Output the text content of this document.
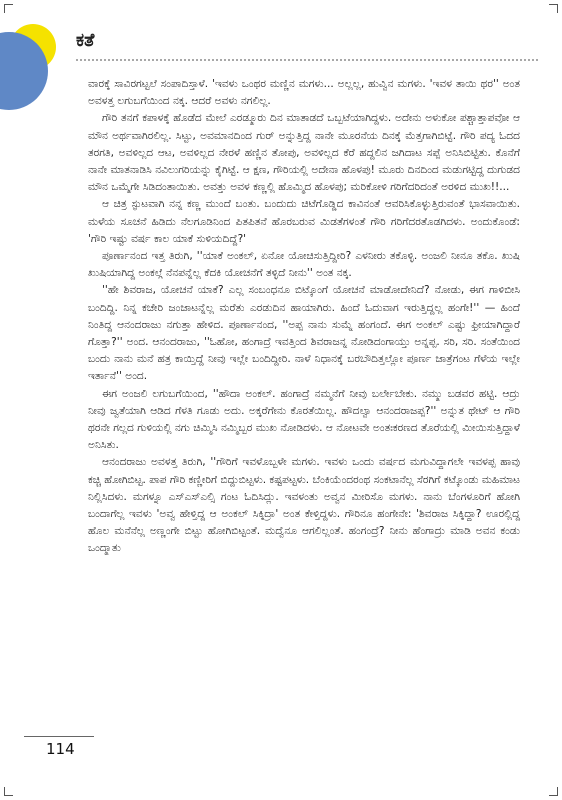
ಕತೆ

ವಾರಕ್ಕೆ ಸಾವಿರಗಟ್ಟಲೆ ಸಂಪಾದಿಸ್ತಾಳೆ. 'ಇವಳು ಒಂಥರ ಮಣ್ಣಿನ ಮಗಳು... ಅಲ್ಲಲ್ಲ, ಹುವ್ವಿನ ಮಗಳು. 'ಇವಳ ತಾಯಿ ಥರ'' ಅಂತ ಅವಳತ್ತ ಲಗುಬಗೆಯಿಂದ ನಕ್ಕ. ಆದರೆ ಅವಳು ನಗಲಿಲ್ಲ.

ಗೌರಿ ತನಗೆ ಕಪಾಳಕ್ಕೆ ಹೊಡೆದ ಮೇಲೆ ಎರಡ್ಮೂರು ದಿನ ಮಾತಾಡದೆ ಒಬ್ಬಟೆಯಾಗಿದ್ದಳು. ಅದೇನು ಅಳುಕೋ ಪಶ್ಚಾತ್ತಾಪವೋ ಆ ಮೌನ ಅರ್ಥವಾಗಿರಲಿಲ್ಲ. ಸಿಟ್ಟು, ಅವಮಾನದಿಂದ ಗುರ್ ಅನ್ನುತ್ತಿದ್ದ ನಾನೇ ಮೂರನೆಯ ದಿನಕ್ಕೆ ಮೆತ್ತಗಾಗಿಬಿಟ್ಟೆ. ಗೌರಿ ಪದ್ಯ ಓದದ ತರಗತಿ, ಅವಳಿಲ್ಲದ ಆಟ, ಅವಳಿಲ್ಲದ ನೇರಳೆ ಹಣ್ಣಿನ ತೋಪು, ಅವಳಿಲ್ಲದ ಕೆರೆ ಹದ್ದಲಿನ ಜಗಿದಾಟ ಸಪ್ಪೆ ಅನಿಸಿಬಿಟ್ಟಿತು. ಕೊನೆಗೆ ನಾನೇ ಮಾತನಾಡಿಸಿ ನವಿಲುಗರಿಯನ್ನು ಕೈಗಿಟ್ಟೆ. ಆ ಕ್ಷಣ, ಗೌರಿಯಲ್ಲಿ ಅದೇನಾ ಹೊಳಪು! ಮೂರು ದಿನದಿಂದ ಮಡುಗಟ್ಟಿದ್ದ ದುಗುಡದ ಮೌನ ಒಮ್ಮೆಗೇ ಸಿಡಿದಂತಾಯಿತು. ಅವತ್ತು ಅವಳ ಕಣ್ಣಲ್ಲಿ ಹೊಮ್ಮಿದ ಹೊಳಪು; ಮರಿಕೋಳಿ ಗರಿಗೆದರಿದಂತೆ ಅರಳಿದ ಮುಖ!!...

ಆ ಚಿತ್ರ ಸ್ಫುಟವಾಗಿ ನನ್ನ ಕಣ್ಣ ಮುಂದೆ ಬಂತು. ಬಂದುದು ಚಿಟೆಗೊಡ್ಡಿದ ಕಾವಿನಂತೆ ಆವರಿಸಿಕೊಳ್ಳುತ್ತಿರುವಂತೆ ಭಾಸವಾಯಿತು. ಮಳೆಯ ಸೂಚನೆ ಹಿಡಿದು ನೆಲಗೂಡಿನಿಂದ ಪಿತಪಿತನೆ ಹೊರಬರುವ ಮಿಡತೆಗಳಂತೆ ಗೌರಿ ಗರಿಗೆದರತೊಡಗಿದಳು. ಅಂದುಕೊಂಡೆ: 'ಗೌರಿ ಇಷ್ಟು ವರ್ಷ ಕಾಲ ಯಾಕೆ ಸುಳಿಯದಿದ್ದೆ?'

ಪೂರ್ಣಾನಂದ ಇತ್ತ ತಿರುಗಿ, ''ಯಾಕೆ ಅಂಕಲ್, ಏನೋ ಯೋಚಿಸುತ್ತಿದ್ದೀರಿ? ಎಳನೀರು ತಕೊಳ್ಳಿ. ಅಂಜಲಿ ನೀನೂ ತಕೊ. ಖುಷಿ ಖುಷಿಯಾಗಿದ್ದ ಅಂಕಲ್ಗೆ ನೆನಪನ್ನೆಲ್ಲ ಕೆದಕಿ ಯೋಚನೆಗೆ ತಳ್ಳಿದೆ ನೀನು'' ಅಂತ ನಕ್ಕ.

''ಹೇ ಶಿವರಾಜ, ಯೋಚನೆ ಯಾಕೆ? ಎಲ್ಲ ಸಂಬಂಧನೂ ಬಿಟ್ಕೊಂಗೆ ಯೋಚನೆ ಮಾಡೋದೇನಿದೆ? ನೋಡು, ಈಗ ಗಾಳಿಬೀಸಿ ಬಂದಿದ್ದಿ. ನಿನ್ನ ಕಚೇರಿ ಜಂಜಾಟನ್ನೆಲ್ಲ ಮರೆತು ಎರಡುದಿನ ಹಾಯಾಗಿರು. ಹಿಂದೆ ಓದುವಾಗ ಇರುತ್ತಿದ್ದಲ್ಲ ಹಂಗೇ!'' — ಹಿಂದೆ ನಿಂತಿದ್ದ ಆನಂದರಾಜು ನಗುತ್ತಾ ಹೇಳಿದ. ಪೂರ್ಣಾನಂದ, ''ಅಪ್ಪ ನಾನು ಸುಮ್ನೆ ಹಂಗಂದೆ. ಈಗ ಅಂಕಲ್ ಎಷ್ಟು ಫ್ರೀಯಾಗಿದ್ದಾರೆ ಗೊತ್ತಾ?'' ಅಂದ. ಆನಂದರಾಜು, ''ಓಹೋ, ಹಂಗಾದ್ರೆ ಇವತ್ತಿಂದ ಶಿವರಾಜನ್ನ ನೋಡಿದಂಗಾಯ್ತು ಅನ್ನಪ್ಪ. ಸರಿ, ಸರಿ. ಸಂತೆಯಿಂದ ಬಂದು ನಾನು ಮನೆ ಹತ್ರ ಕಾಯ್ತಿದ್ದೆ ನೀವು ಇಲ್ಲೇ ಬಂದಿದ್ದೀರಿ. ನಾಳೆ ನಿಧಾನಕ್ಕೆ ಬರಬೌದಿತ್ತಲ್ಲೋ ಪೂರ್ಣ ಜಾತ್ರೆಗಂಟ ಗೆಳೆಯ ಇಲ್ಲೇ ಇರ್ತಾನೆ'' ಅಂದ.

ಈಗ ಅಂಜಲಿ ಲಗುಬಗೆಯಿಂದ, ''ಹೌದಾ ಅಂಕಲ್. ಹಂಗಾದ್ರೆ ನಮ್ಮನೆಗೆ ನೀವು ಬರ್ಲೇಬೇಕು. ನಮ್ಮು ಬಡವರ ಹಟ್ಟಿ. ಆದ್ರು ನೀವು ಜ್ವತೆಯಾಗಿ ಆಡಿದ ಗೆಳತಿ ಗೂಡು ಅದು. ಅಕ್ಕರೆಗೇನು ಕೊರತೆಯಿಲ್ಲ. ಹೌದಲ್ವಾ ಆನಂದರಾಜಪ್ಪ?'' ಅನ್ನುತ ಥೇಟ್ ಆ ಗೌರಿ ಥರನೇ ಗಲ್ಲದ ಗುಳಿಯಲ್ಲಿ ನಗು ಚಿಮ್ಮಿಸಿ ನಮ್ಮಿಬ್ಬರ ಮುಖ ನೋಡಿದಳು. ಆ ನೋಟವೇ ಅಂತಃಕರಣದ ತೊರೆಯಲ್ಲಿ ಮೀಯಿಸುತ್ತಿದ್ದಾಳೆ ಅನಿಸಿತು.

ಆನಂದರಾಜು ಅವಳತ್ತ ತಿರುಗಿ, ''ಗೌರಿಗೆ ಇವಳೊಬ್ಬಳೇ ಮಗಳು. ಇವಳು ಒಂದು ವರ್ಷದ ಮಗುವಿದ್ದಾಗಲೇ ಇವಳಪ್ಪ ಹಾವು ಕಚ್ಚಿ ಹೋಗಿಬಿಟ್ಟ. ಪಾಪ ಗೌರಿ ಕಣ್ಣೀರಿಗೆ ಬಿದ್ದುಬಿಟ್ಟಳು. ಕಷ್ಟಪಟ್ಟಳು. ಬೆಂಕಿಯೆಂದರಂಥ ಸಂಕಟಾನೆಲ್ಲ ಸೆರಗಿಗೆ ಕಟ್ಕೊಂಡು ಮಹಿಮಾಟ ನಿಲ್ಲಿಸಿದಳು. ಮಗಳ್ನೂ ಎಸ್ಎಸ್ಎಲ್ಸಿ ಗಂಟ ಓದಿಸಿದ್ಲು. ಇವಳಂತು ಅವ್ವನ ಮೀರಿಸೊ ಮಗಳು. ನಾನು ಬೆಂಗಳೂರಿಗೆ ಹೋಗಿ ಬಂದಾಗೆಲ್ಲ ಇವಳು 'ಅವ್ವ ಹೇಳ್ತಿದ್ದ ಆ ಅಂಕಲ್ ಸಿಕ್ಕಿದ್ರಾ' ಅಂತ ಕೇಳ್ತಿದ್ದಳು. ಗೌರಿನೂ ಹಂಗೇನೇ: 'ಶಿವರಾಜ ಸಿಕ್ಕಿದ್ದಾ? ಊರಲ್ಲಿದ್ದ ಹೊಲ ಮನೆನೆಲ್ಲ ಅಣ್ಣಂಗೇ ಬಿಟ್ಟು ಹೋಗಿಬಿಟ್ಟಂತೆ. ಮದ್ವೆನೂ ಆಗಲಿಲ್ಲಂತೆ. ಹಂಗಂದ್ರೆ? ನೀನು ಹೆಂಗಾದ್ರು ಮಾಡಿ ಅವನ ಕಂಡು ಒಂದ್ಮಾತು

114
